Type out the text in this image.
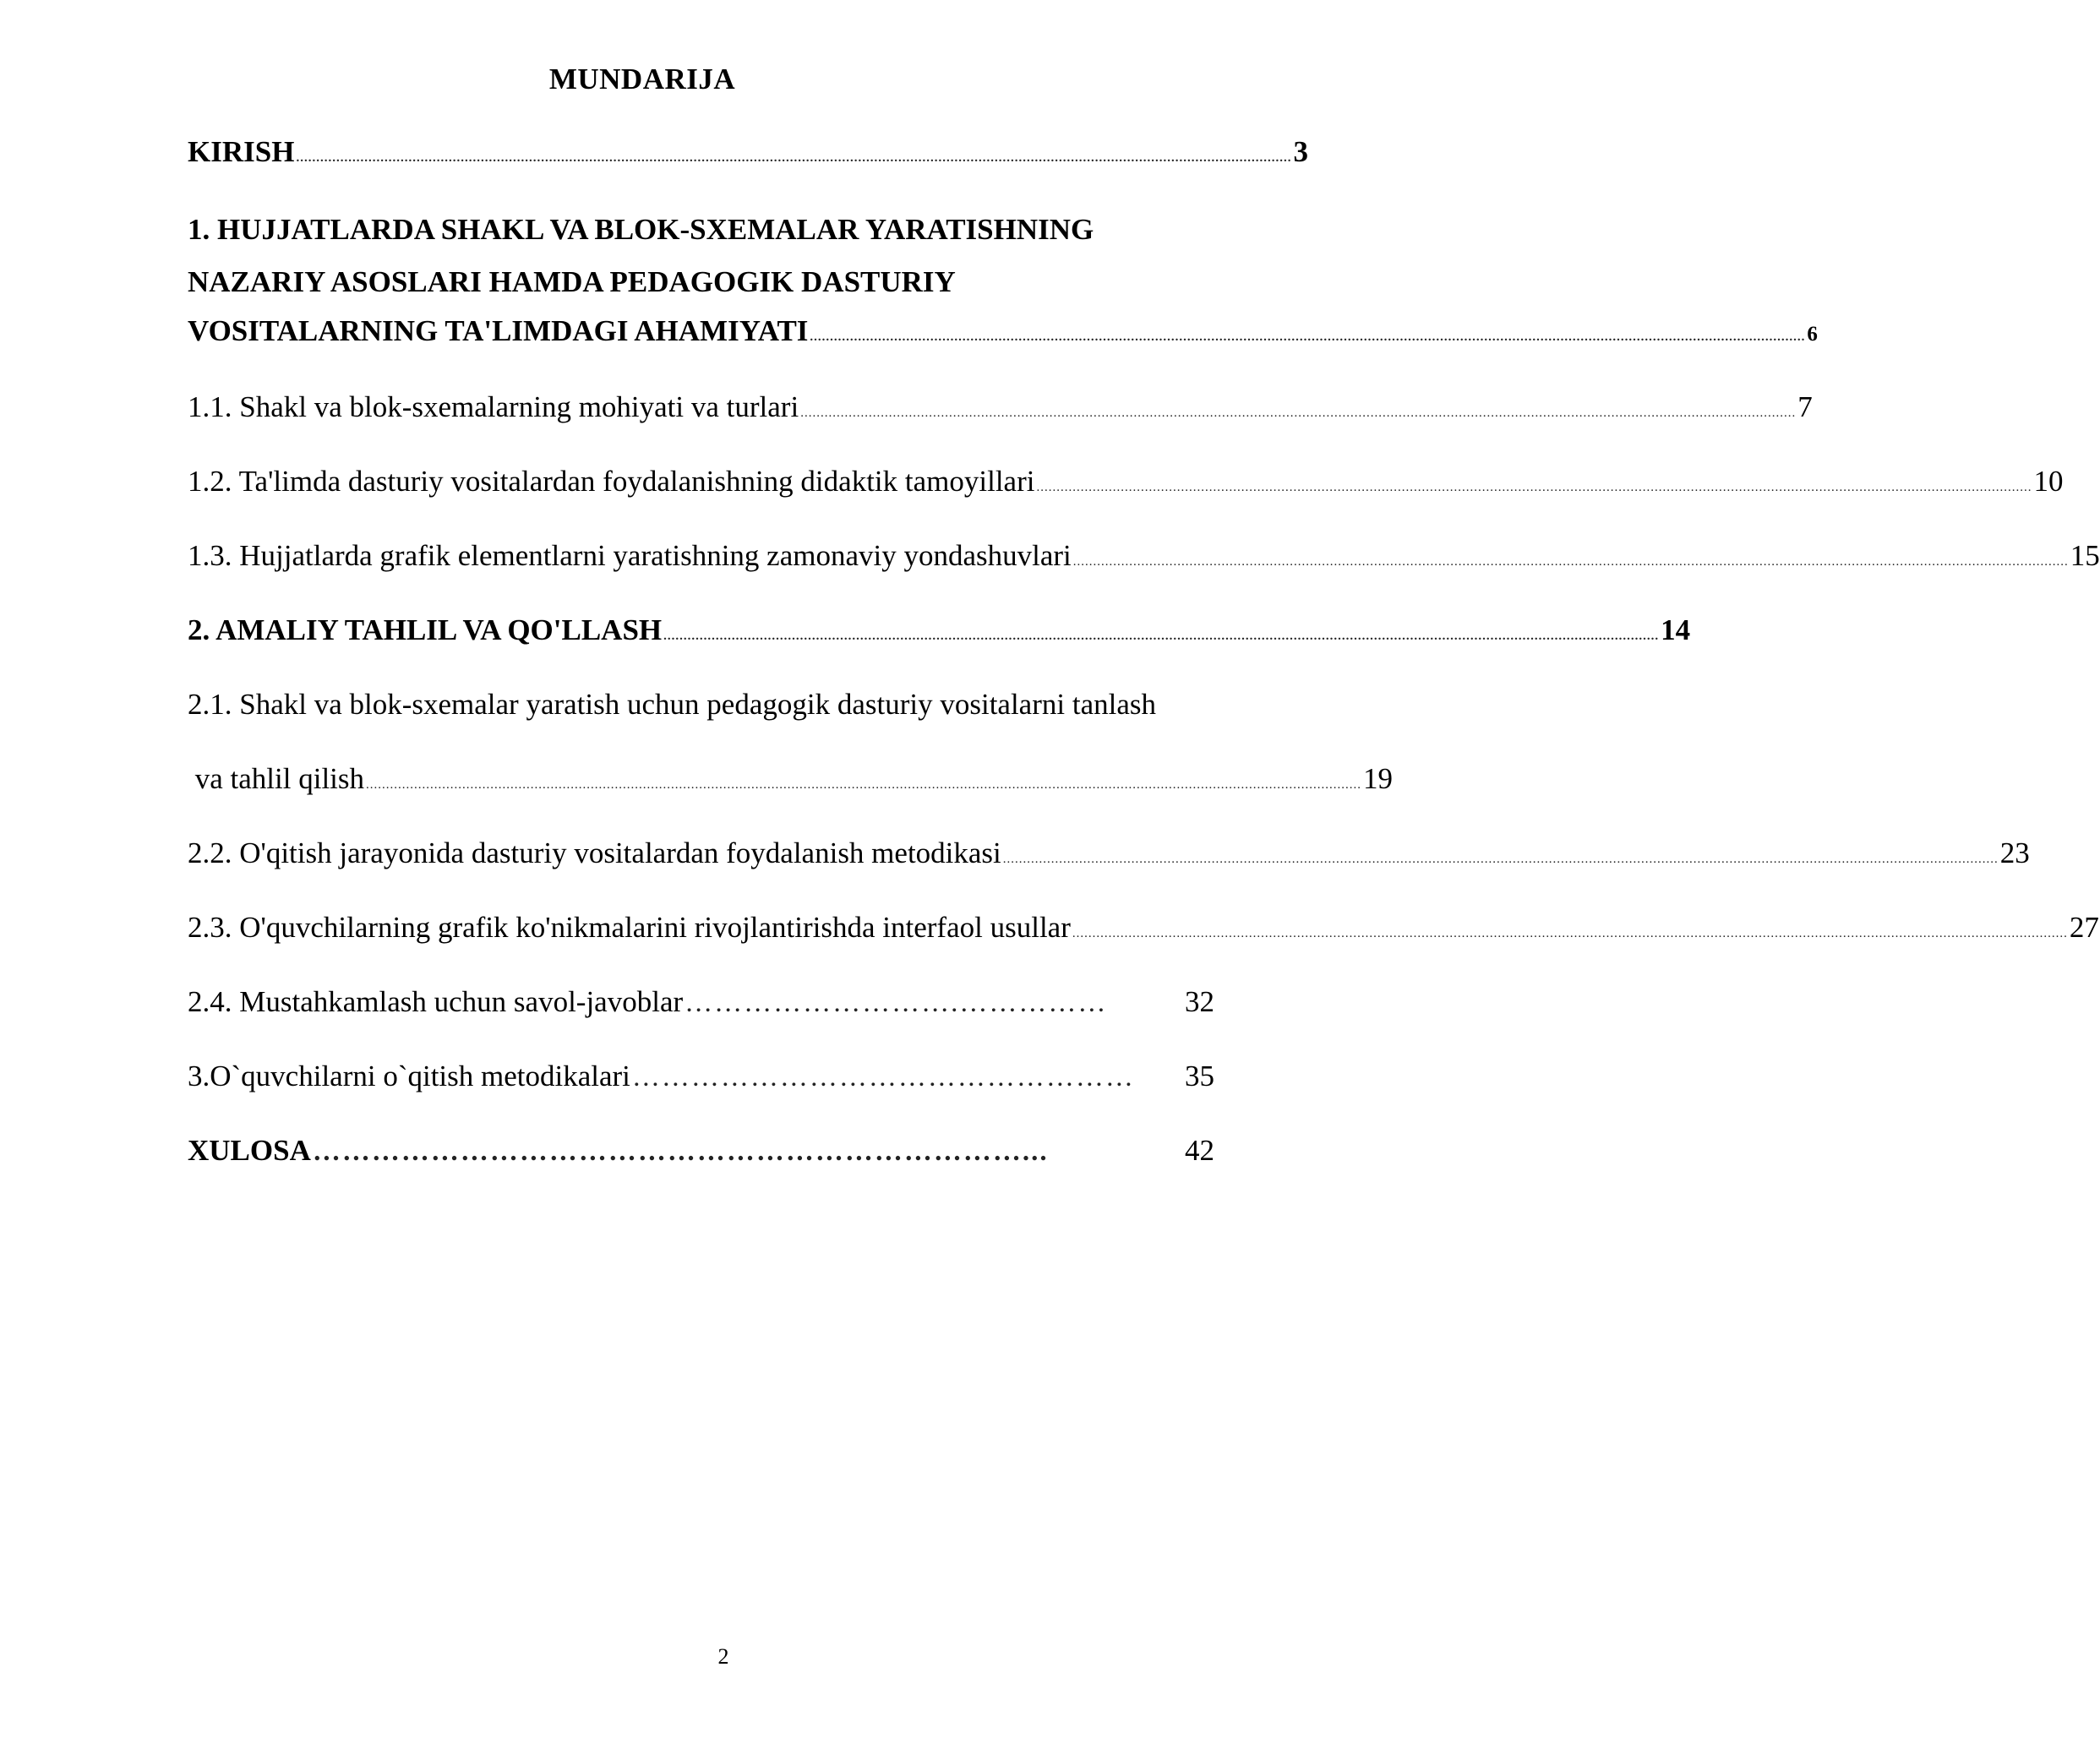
MUNDARIJA
KIRISH ........................................................................................................................................................................................................................................................ 3
1. HUJJATLARDA SHAKL VA BLOK-SXEMALAR YARATISHNING
NAZARIY ASOSLARI HAMDA PEDAGOGIK DASTURIY
VOSITALARNING TA'LIMDAGI AHAMIYATI ........................................................................................................................................................................................................................................................ 6
1.1. Shakl va blok-sxemalarning mohiyati va turlari ........................................................................................................................................................................................................................................................ 7
1.2. Ta'limda dasturiy vositalardan foydalanishning didaktik tamoyillari ........................................................................................................................................................................................................................................................ 10
1.3. Hujjatlarda grafik elementlarni yaratishning zamonaviy yondashuvlari ........................................................................................................................................................................................................................................................ 15
2. AMALIY TAHLIL VA QO'LLASH ........................................................................................................................................................................................................................................................ 14
2.1. Shakl va blok-sxemalar yaratish uchun pedagogik dasturiy vositalarni tanlash
va tahlil qilish ........................................................................................................................................................................................................................................................ 19
2.2. O'qitish jarayonida dasturiy vositalardan foydalanish metodikasi ........................................................................................................................................................................................................................................................ 23
2.3. O'quvchilarning grafik ko'nikmalarini rivojlantirishda interfaol usullar ........................................................................................................................................................................................................................................................ 27
2.4. Mustahkamlash uchun savol-javoblar ……………………….……………	32
3.O`quvchilarni o`qitish metodikalari ……………………………………………	35
XULOSA ………………………………………………………………...	42
2
